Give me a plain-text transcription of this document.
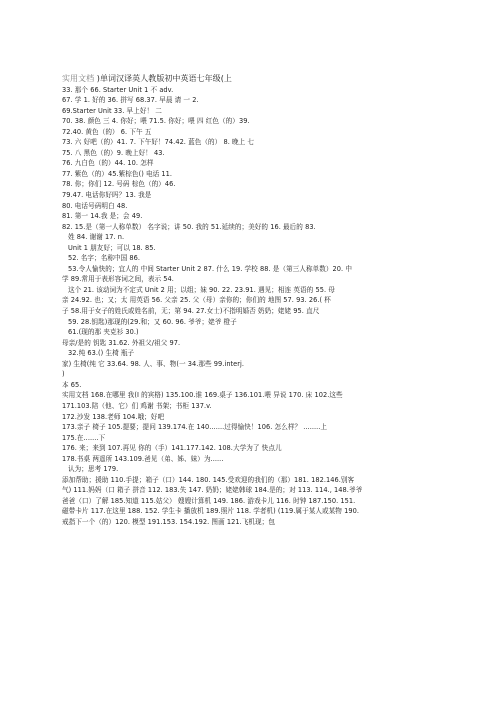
实用文档 )单词汉译英人教版初中英语七年级(上
33. 那个 66. Starter Unit 1 不 adv.
67. 学 1. 好的 36. 拼写 68.37. 早晨 请 一 2.
69.Starter Unit 33. 早上好！ 二
70. 38. 颜色 三 4. 你好；喂 71.5. 你好；喂 四 红色（的）39.
72.40. 黄色（的） 6. 下午 五
73. 六 好吧（的）41. 7. 下午好！74.42. 蓝色（的） 8. 晚上 七
75. 八 黑色（的）9. 晚上好！ 43.
76. 九白色（的）44. 10. 怎样
77. 紫色（的）45.紫棕色() 电话 11.
78. 你；你们 12. 号码 棕色（的）46.
79.47. 电话你好吗？13. 我是
80. 电话号码明白 48.
81. 第一 14.我 是；会 49.
82. 15.是（第一人称单数） 名字说；讲 50. 我的 51.延续的；美好的 16. 最后的 83.
姓 84. 谢谢 17. n.
Unit 1 朋友好；可以 18. 85.
52. 名字；名称中国 86.
53.令人愉快的；宜人的 中间 Starter Unit 2 87. 什么 19. 学校 88. 是（第三人称单数）20. 中
学 89.常用于表形容词之间，表示 54.
这个 21. 该动词为不定式 Unit 2 用；以组；妹 90. 22. 23.91. 遇见；相连 英语的 55. 母
亲 24.92. 也；又；太 用英语 56. 父亲 25. 父（母）亲你的；你们的 地图 57. 93. 26.( 杯
子 58.用于女子的姓氏或姓名前，无；第 94. 27.女士)不指明婚否 奶奶；姥姥 95. 直尺
59. 28.钥匙)那现的(29.和；又 60. 96. 爷爷；姥爷 橙子
61.(现的那 夹克衫 30.)
母亲/是的 钥匙 31.62. 外祖父/祖父 97.
32.纯 63.() 生椅 瓶子
家) 生椅(纯 它 33.64. 98. 人、事、物(一 34.那些 99.interj.
)
本 65.
实用文档 168.在哪里 我(I 的宾格) 135.100.谁 169.桌子 136.101.喂 异说 170. 床 102.这些
171.103.陪（他、它）们 鸡谢 书架；书柜 137.v.
172.沙发 138.老师 104.哦；好吧
173.亲子 椅子 105.提要；提问 139.174.在 140.......过得愉快！106. 怎么样？ ........上
175.在.......下
176. 来；来到 107.再见 你的（手）141.177.142. 108.大学为了 快点儿
178.书桌 两遥所 143.109.爸见（弟、姊、妹）为......
认为；思考 179.
添加帮助；援助 110.手提；箱子（口）144. 180. 145.受欢迎的我们的（那）181. 182.146.别客
气) 111.妈妈（口 箱子 拼音 112. 183.失 147. 奶奶；姥姥韩球 184.是的；对 113. 114., 148.爷爷
爸爸（口）了解 185.知道 115.姑父） 嫂嫂计算机 149. 186. 游戏卡儿 116. 时钟 187.150. 151.
磁带卡片 117.在这里 188. 152. 学生卡 播放机 189.照片 118. 学者机) (119.属于某人或某物 190.
戒指下一个（的）120. 模型 191.153. 154.192. 图画 121.飞机现；包
